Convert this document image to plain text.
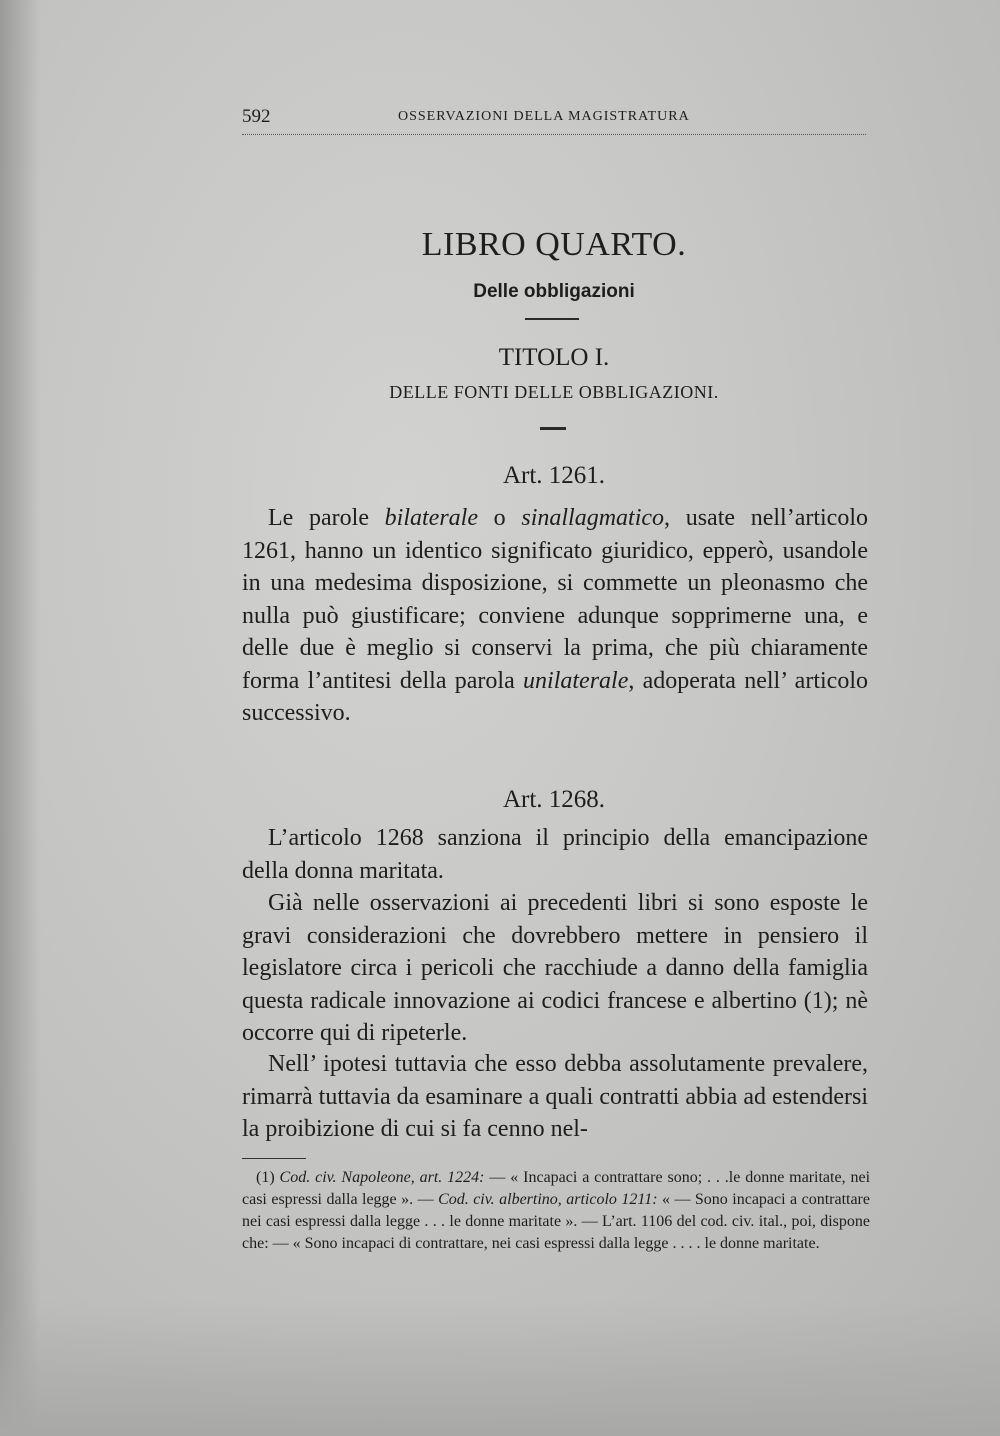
592	OSSERVAZIONI DELLA MAGISTRATURA
LIBRO QUARTO.
Delle obbligazioni
TITOLO I.
DELLE FONTI DELLE OBBLIGAZIONI.
Art. 1261.

Le parole bilaterale o sinallagmatico, usate nell’articolo 1261, hanno un identico significato giuridico, epperò, usandole in una medesima disposizione, si commette un pleonasmo che nulla può giustificare; conviene adunque sopprimerne una, e delle due è meglio si conservi la prima, che più chiaramente forma l’antitesi della parola unilaterale, adoperata nell’ articolo successivo.

Art. 1268.

L’articolo 1268 sanziona il principio della emancipazione della donna maritata.

Già nelle osservazioni ai precedenti libri si sono esposte le gravi considerazioni che dovrebbero mettere in pensiero il legislatore circa i pericoli che racchiude a danno della famiglia questa radicale innovazione ai codici francese e albertino (1); nè occorre qui di ripeterle.

Nell’ ipotesi tuttavia che esso debba assolutamente prevalere, rimarrà tuttavia da esaminare a quali contratti abbia ad estendersi la proibizione di cui si fa cenno nel-

(1) Cod. civ. Napoleone, art. 1224: — « Incapaci a contrattare sono; . . .le donne maritate, nei casi espressi dalla legge ». — Cod. civ. albertino, articolo 1211: « — Sono incapaci a contrattare nei casi espressi dalla legge . . . le donne maritate ». — L’art. 1106 del cod. civ. ital., poi, dispone che: — « Sono incapaci di contrattare, nei casi espressi dalla legge . . . . le donne maritate.
